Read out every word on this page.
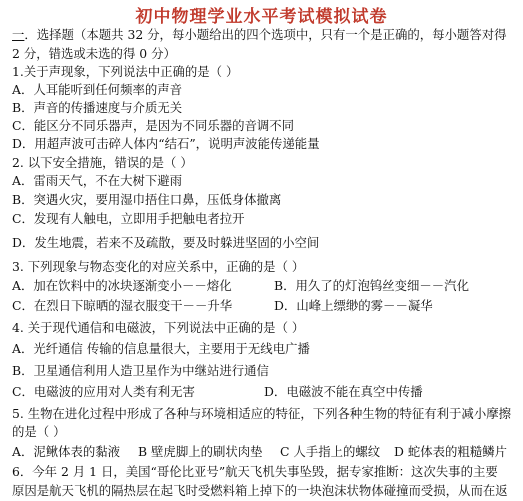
初中物理学业水平考试模拟试卷
一．选择题（本题共 32 分，每小题给出的四个选项中，只有一个是正确的，每小题答对得
2 分，错选或未选的得 0 分）
1.关于声现象，下列说法中正确的是（ ）
A．人耳能听到任何频率的声音
B．声音的传播速度与介质无关
C．能区分不同乐器声，是因为不同乐器的音调不同
D．用超声波可击碎人体内“结石”，说明声波能传递能量
2. 以下安全措施，错误的是（ ）
A．雷雨天气，不在大树下避雨
B．突遇火灾，要用湿巾捂住口鼻，压低身体撤离
C．发现有人触电，立即用手把触电者拉开
D．发生地震，若来不及疏散，要及时躲进坚固的小空间
3. 下列现象与物态变化的对应关系中，正确的是（ ）
A．加在饮料中的冰块逐渐变小－－熔化	B．用久了的灯泡钨丝变细－－汽化
C．在烈日下晾晒的湿衣服变干－－升华	D．山峰上缥缈的雾－－凝华
4. 关于现代通信和电磁波，下列说法中正确的是（ ）
A．光纤通信 传输的信息量很大，主要用于无线电广播
B．卫星通信利用人造卫星作为中继站进行通信
C．电磁波的应用对人类有利无害	D．电磁波不能在真空中传播
5. 生物在进化过程中形成了各种与环境相适应的特征，下列各种生物的特征有利于减小摩擦
的是（ ）
A．泥鳅体表的黏液	B 壁虎脚上的刷状肉垫	C 人手指上的螺纹	D 蛇体表的粗糙鳞片
6．今年 2 月 1 日，美国“哥伦比亚号”航天飞机失事坠毁，据专家推断：这次失事的主要
原因是航天飞机的隔热层在起飞时受燃料箱上掉下的一块泡沫状物体碰撞而受损，从而在返
